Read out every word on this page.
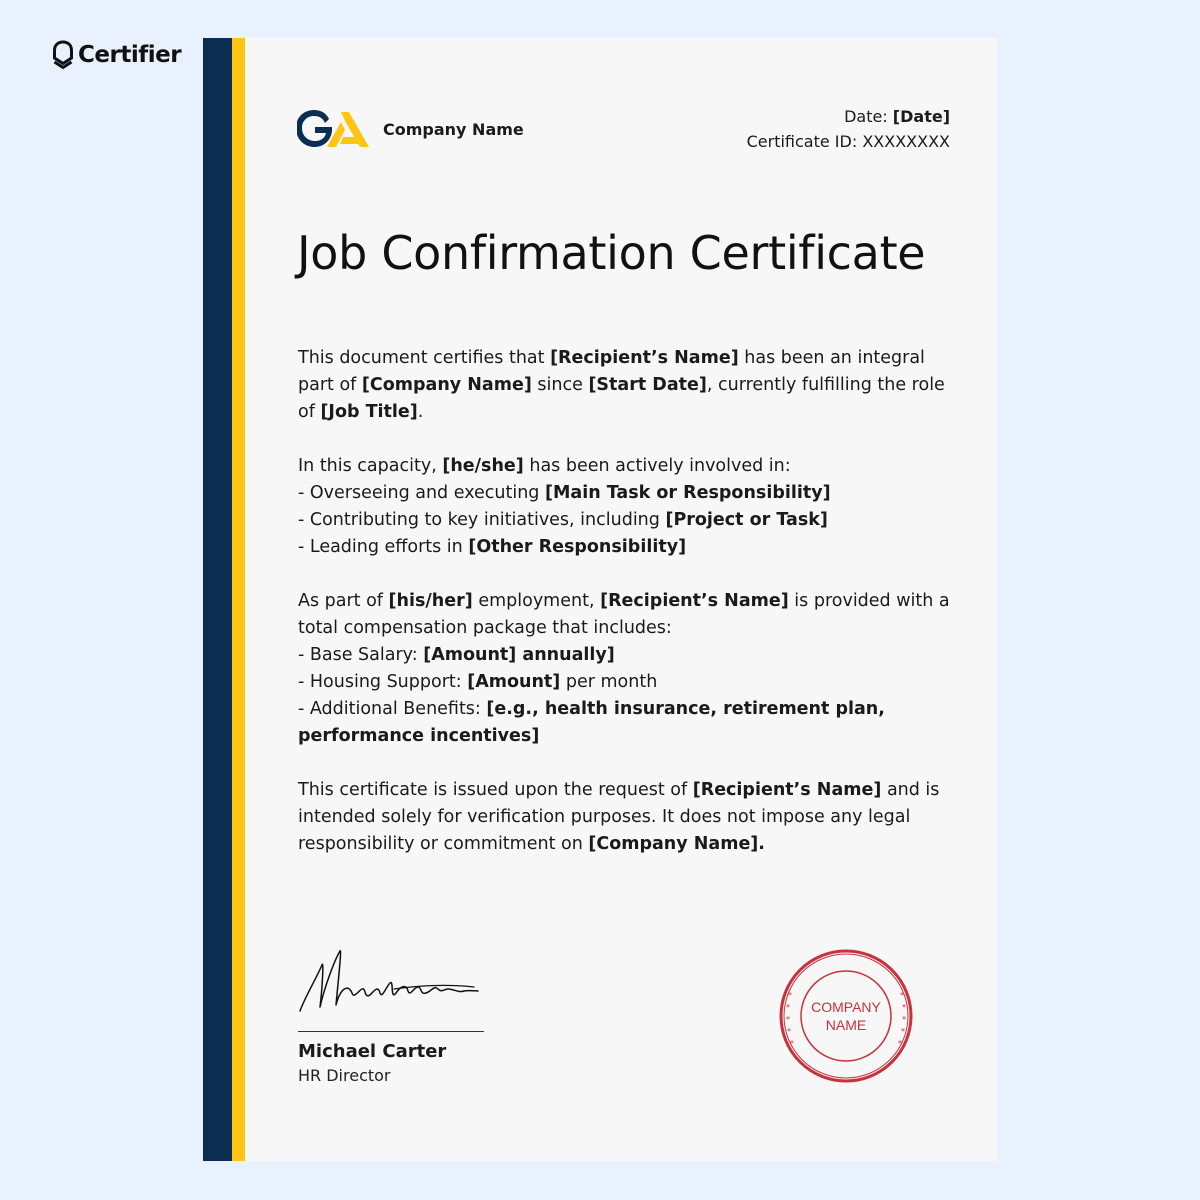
Certifier
Company Name
Date: [Date]
Certificate ID: XXXXXXXX
Job Confirmation Certificate

This document certifies that [Recipient’s Name] has been an integral part of [Company Name] since [Start Date], currently fulfilling the role of [Job Title].

In this capacity, [he/she] has been actively involved in:
- Overseeing and executing [Main Task or Responsibility]
- Contributing to key initiatives, including [Project or Task]
- Leading efforts in [Other Responsibility]

As part of [his/her] employment, [Recipient’s Name] is provided with a total compensation package that includes:
- Base Salary: [Amount] annually]
- Housing Support: [Amount] per month
- Additional Benefits: [e.g., health insurance, retirement plan, performance incentives]

This certificate is issued upon the request of [Recipient’s Name] and is intended solely for verification purposes. It does not impose any legal responsibility or commitment on [Company Name].

Michael Carter
HR Director
*
*
*
*
*
*
*
*
*
*
COMPANY
NAME
